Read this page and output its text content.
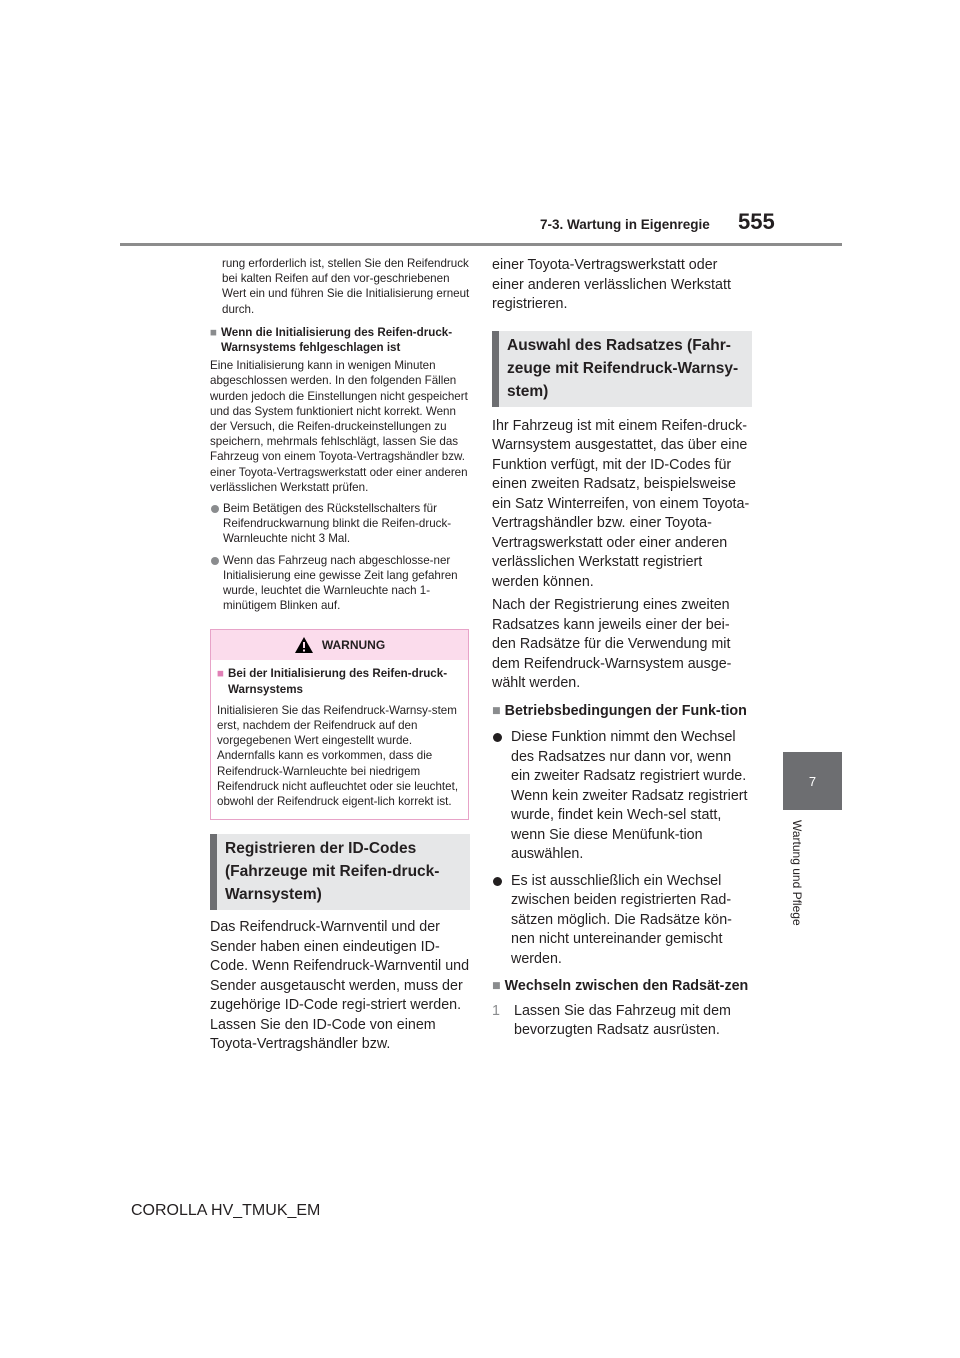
7-3. Wartung in Eigenregie 555
7
Wartung und Pflege

rung erforderlich ist, stellen Sie den Reifendruck bei kalten Reifen auf den vor-geschriebenen Wert ein und führen Sie die Initialisierung erneut durch.

■ Wenn die Initialisierung des Reifen-druck-Warnsystems fehlgeschlagen ist

Eine Initialisierung kann in wenigen Minuten abgeschlossen werden. In den folgenden Fällen wurden jedoch die Einstellungen nicht gespeichert und das System funktioniert nicht korrekt. Wenn der Versuch, die Reifen-druckeinstellungen zu speichern, mehrmals fehlschlägt, lassen Sie das Fahrzeug von einem Toyota-Vertragshändler bzw. einer Toyota-Vertragswerkstatt oder einer anderen verlässlichen Werkstatt prüfen.

Beim Betätigen des Rückstellschalters für Reifendruckwarnung blinkt die Reifen-druck-Warnleuchte nicht 3 Mal.
Wenn das Fahrzeug nach abgeschlosse-ner Initialisierung eine gewisse Zeit lang gefahren wurde, leuchtet die Warnleuchte nach 1-minütigem Blinken auf.
WARNUNG
■ Bei der Initialisierung des Reifen-druck-Warnsystems

Initialisieren Sie das Reifendruck-Warnsy-stem erst, nachdem der Reifendruck auf den vorgegebenen Wert eingestellt wurde. Andernfalls kann es vorkommen, dass die Reifendruck-Warnleuchte bei niedrigem Reifendruck nicht aufleuchtet oder sie leuchtet, obwohl der Reifendruck eigent-lich korrekt ist.

Registrieren der ID-Codes (Fahrzeuge mit Reifen-druck-Warnsystem)

Das Reifendruck-Warnventil und der Sender haben einen eindeutigen ID-Code. Wenn Reifendruck-Warnventil und Sender ausgetauscht werden, muss der zugehörige ID-Code regi-striert werden. Lassen Sie den ID-Code von einem Toyota-Vertragshändler bzw.

einer Toyota-Vertragswerkstatt oder einer anderen verlässlichen Werkstatt registrieren.

Auswahl des Radsatzes (Fahr-zeuge mit Reifendruck-Warnsy-stem)

Ihr Fahrzeug ist mit einem Reifen-druck-Warnsystem ausgestattet, das über eine Funktion verfügt, mit der ID-Codes für einen zweiten Radsatz, beispielsweise ein Satz Winterreifen, von einem Toyota-Vertragshändler bzw. einer Toyota-Vertragswerkstatt oder einer anderen verlässlichen Werkstatt registriert werden können.

Nach der Registrierung eines zweiten Radsatzes kann jeweils einer der bei-den Radsätze für die Verwendung mit dem Reifendruck-Warnsystem ausge-wählt werden.

■ Betriebsbedingungen der Funk-tion
Diese Funktion nimmt den Wechsel des Radsatzes nur dann vor, wenn ein zweiter Radsatz registriert wurde. Wenn kein zweiter Radsatz registriert wurde, findet kein Wech-sel statt, wenn Sie diese Menüfunk-tion auswählen.
Es ist ausschließlich ein Wechsel zwischen beiden registrierten Rad-sätzen möglich. Die Radsätze kön-nen nicht untereinander gemischt werden.
■ Wechseln zwischen den Radsät-zen
1 Lassen Sie das Fahrzeug mit dem bevorzugten Radsatz ausrüsten.
COROLLA HV_TMUK_EM
